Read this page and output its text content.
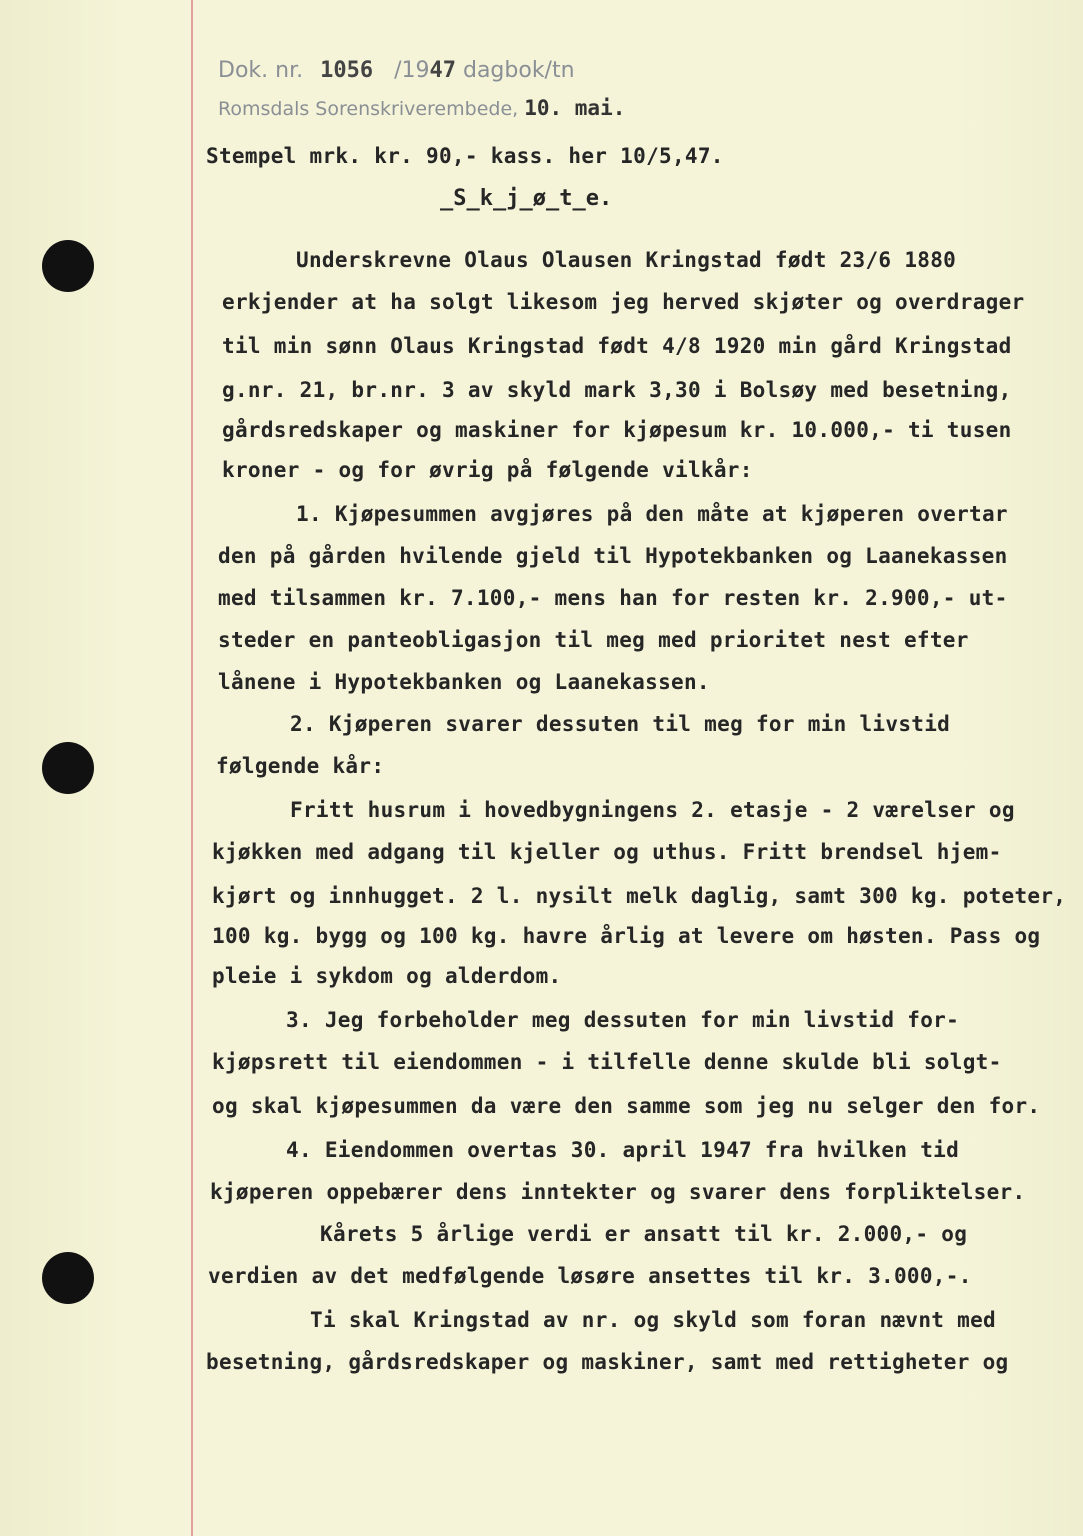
Dok. nr. 1056 /1947 dagbok/tn
Romsdals Sorenskriverembede, 10. mai.
Stempel mrk. kr. 90,- kass. her 10/5,47.
_S_k_j_ø_t_e.
Underskrevne Olaus Olausen Kringstad født 23/6 1880
erkjender at ha solgt likesom jeg herved skjøter og overdrager
til min sønn Olaus Kringstad født 4/8 1920 min gård Kringstad
g.nr. 21, br.nr. 3 av skyld mark 3,30 i Bolsøy med besetning,
gårdsredskaper og maskiner for kjøpesum kr. 10.000,- ti tusen
kroner - og for øvrig på følgende vilkår:
1. Kjøpesummen avgjøres på den måte at kjøperen overtar
den på gården hvilende gjeld til Hypotekbanken og Laanekassen
med tilsammen kr. 7.100,- mens han for resten kr. 2.900,- ut-
steder en panteobligasjon til meg med prioritet nest efter
lånene i Hypotekbanken og Laanekassen.
2. Kjøperen svarer dessuten til meg for min livstid
følgende kår:
Fritt husrum i hovedbygningens 2. etasje - 2 værelser og
kjøkken med adgang til kjeller og uthus. Fritt brendsel hjem-
kjørt og innhugget. 2 l. nysilt melk daglig, samt 300 kg. poteter,
100 kg. bygg og 100 kg. havre årlig at levere om høsten. Pass og
pleie i sykdom og alderdom.
3. Jeg forbeholder meg dessuten for min livstid for-
kjøpsrett til eiendommen - i tilfelle denne skulde bli solgt-
og skal kjøpesummen da være den samme som jeg nu selger den for.
4. Eiendommen overtas 30. april 1947 fra hvilken tid
kjøperen oppebærer dens inntekter og svarer dens forpliktelser.
Kårets 5 årlige verdi er ansatt til kr. 2.000,- og
verdien av det medfølgende løsøre ansettes til kr. 3.000,-.
Ti skal Kringstad av nr. og skyld som foran nævnt med
besetning, gårdsredskaper og maskiner, samt med rettigheter og
